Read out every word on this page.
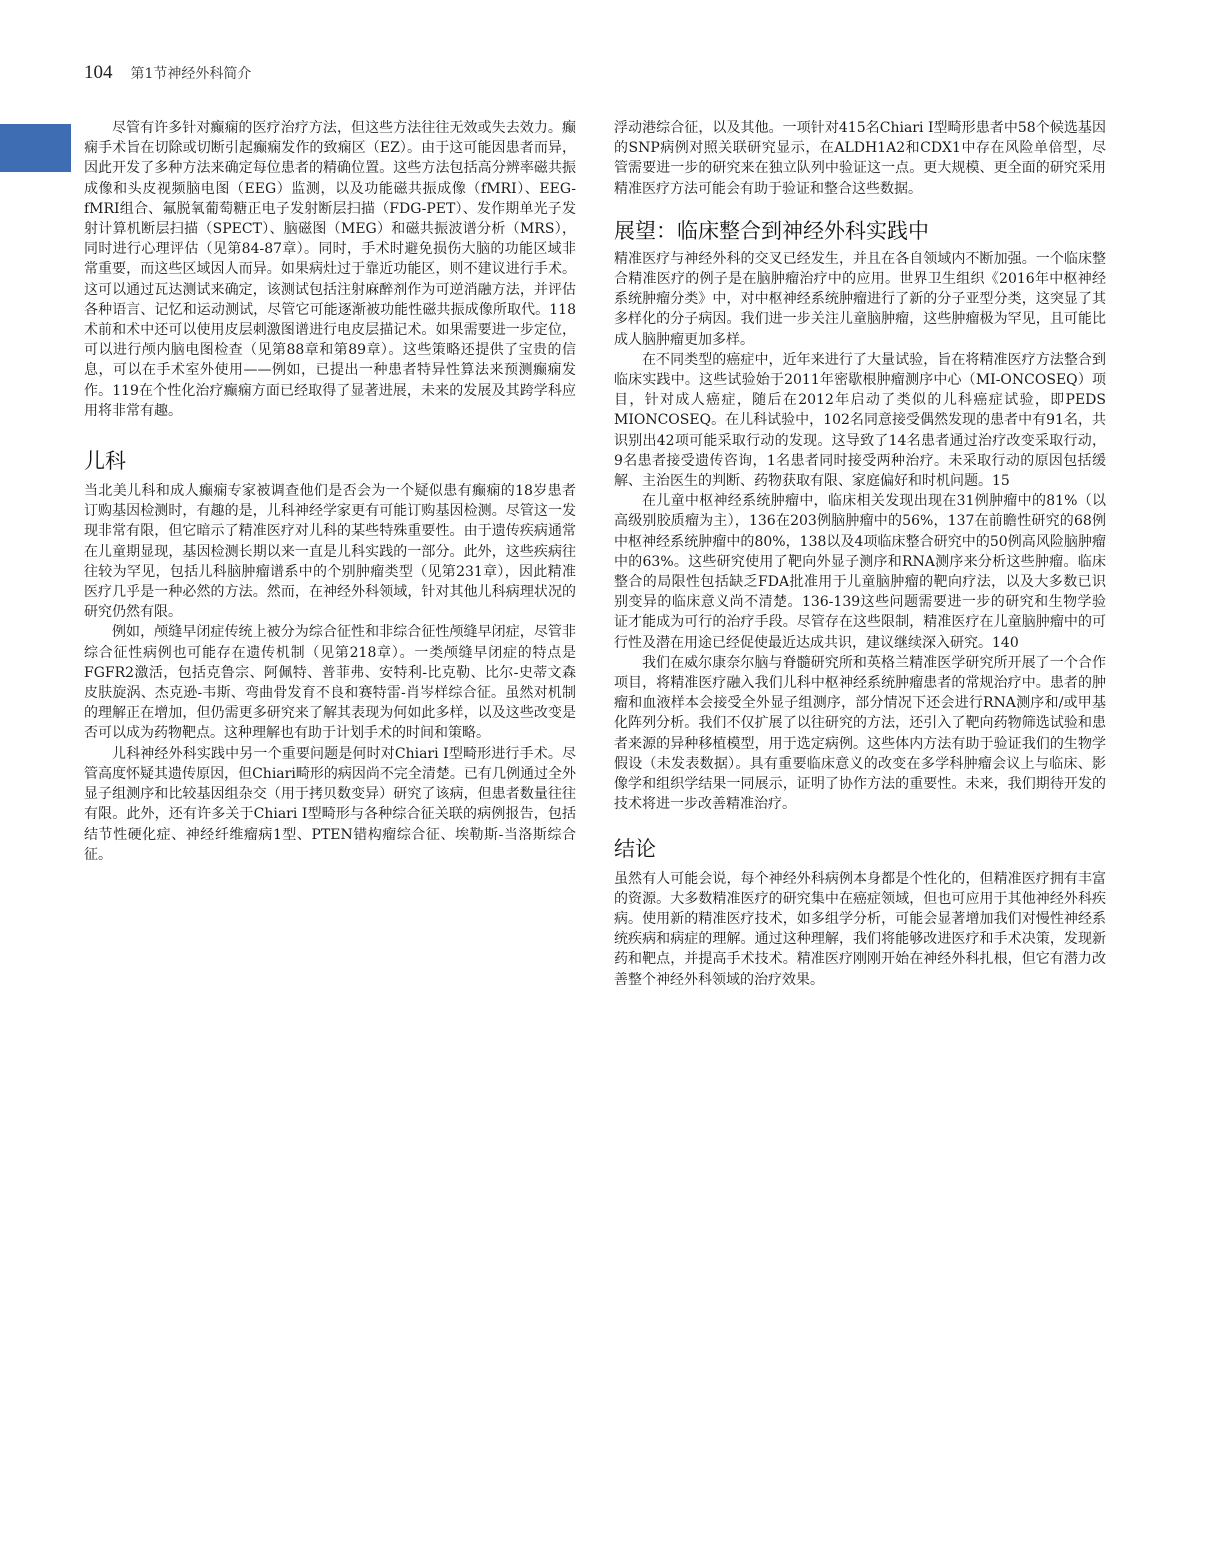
104 第1节神经外科简介

尽管有许多针对癫痫的医疗治疗方法，但这些方法往往无效或失去效力。癫痫手术旨在切除或切断引起癫痫发作的致痫区（EZ）。由于这可能因患者而异，因此开发了多种方法来确定每位患者的精确位置。这些方法包括高分辨率磁共振成像和头皮视频脑电图（EEG）监测，以及功能磁共振成像（fMRI）、EEG-fMRI组合、氟脱氧葡萄糖正电子发射断层扫描（FDG-PET）、发作期单光子发射计算机断层扫描（SPECT）、脑磁图（MEG）和磁共振波谱分析（MRS），同时进行心理评估（见第84-87章）。同时，手术时避免损伤大脑的功能区域非常重要，而这些区域因人而异。如果病灶过于靠近功能区，则不建议进行手术。这可以通过瓦达测试来确定，该测试包括注射麻醉剂作为可逆消融方法，并评估各种语言、记忆和运动测试，尽管它可能逐渐被功能性磁共振成像所取代。118术前和术中还可以使用皮层刺激图谱进行电皮层描记术。如果需要进一步定位，可以进行颅内脑电图检查（见第88章和第89章）。这些策略还提供了宝贵的信息，可以在手术室外使用——例如，已提出一种患者特异性算法来预测癫痫发作。119在个性化治疗癫痫方面已经取得了显著进展，未来的发展及其跨学科应用将非常有趣。

儿科

当北美儿科和成人癫痫专家被调查他们是否会为一个疑似患有癫痫的18岁患者订购基因检测时，有趣的是，儿科神经学家更有可能订购基因检测。尽管这一发现非常有限，但它暗示了精准医疗对儿科的某些特殊重要性。由于遗传疾病通常在儿童期显现，基因检测长期以来一直是儿科实践的一部分。此外，这些疾病往往较为罕见，包括儿科脑肿瘤谱系中的个别肿瘤类型（见第231章），因此精准医疗几乎是一种必然的方法。然而，在神经外科领域，针对其他儿科病理状况的研究仍然有限。

例如，颅缝早闭症传统上被分为综合征性和非综合征性颅缝早闭症，尽管非综合征性病例也可能存在遗传机制（见第218章）。一类颅缝早闭症的特点是FGFR2激活，包括克鲁宗、阿佩特、普菲弗、安特利-比克勒、比尔-史蒂文森皮肤旋涡、杰克逊-韦斯、弯曲骨发育不良和赛特雷-肖岑样综合征。虽然对机制的理解正在增加，但仍需更多研究来了解其表现为何如此多样，以及这些改变是否可以成为药物靶点。这种理解也有助于计划手术的时间和策略。

儿科神经外科实践中另一个重要问题是何时对Chiari I型畸形进行手术。尽管高度怀疑其遗传原因，但Chiari畸形的病因尚不完全清楚。已有几例通过全外显子组测序和比较基因组杂交（用于拷贝数变异）研究了该病，但患者数量往往有限。此外，还有许多关于Chiari I型畸形与各种综合征关联的病例报告，包括结节性硬化症、神经纤维瘤病1型、PTEN错构瘤综合征、埃勒斯-当洛斯综合征。

浮动港综合征，以及其他。一项针对415名Chiari I型畸形患者中58个候选基因的SNP病例对照关联研究显示，在ALDH1A2和CDX1中存在风险单倍型，尽管需要进一步的研究来在独立队列中验证这一点。更大规模、更全面的研究采用精准医疗方法可能会有助于验证和整合这些数据。

展望：临床整合到神经外科实践中

精准医疗与神经外科的交叉已经发生，并且在各自领域内不断加强。一个临床整合精准医疗的例子是在脑肿瘤治疗中的应用。世界卫生组织《2016年中枢神经系统肿瘤分类》中，对中枢神经系统肿瘤进行了新的分子亚型分类，这突显了其多样化的分子病因。我们进一步关注儿童脑肿瘤，这些肿瘤极为罕见，且可能比成人脑肿瘤更加多样。

在不同类型的癌症中，近年来进行了大量试验，旨在将精准医疗方法整合到临床实践中。这些试验始于2011年密歇根肿瘤测序中心（MI-ONCOSEQ）项目，针对成人癌症，随后在2012年启动了类似的儿科癌症试验，即PEDS MIONCOSEQ。在儿科试验中，102名同意接受偶然发现的患者中有91名，共识别出42项可能采取行动的发现。这导致了14名患者通过治疗改变采取行动，9名患者接受遗传咨询，1名患者同时接受两种治疗。未采取行动的原因包括缓解、主治医生的判断、药物获取有限、家庭偏好和时机问题。15

在儿童中枢神经系统肿瘤中，临床相关发现出现在31例肿瘤中的81%（以高级别胶质瘤为主），136在203例脑肿瘤中的56%，137在前瞻性研究的68例中枢神经系统肿瘤中的80%，138以及4项临床整合研究中的50例高风险脑肿瘤中的63%。这些研究使用了靶向外显子测序和RNA测序来分析这些肿瘤。临床整合的局限性包括缺乏FDA批准用于儿童脑肿瘤的靶向疗法，以及大多数已识别变异的临床意义尚不清楚。136-139这些问题需要进一步的研究和生物学验证才能成为可行的治疗手段。尽管存在这些限制，精准医疗在儿童脑肿瘤中的可行性及潜在用途已经促使最近达成共识，建议继续深入研究。140

我们在威尔康奈尔脑与脊髓研究所和英格兰精准医学研究所开展了一个合作项目，将精准医疗融入我们儿科中枢神经系统肿瘤患者的常规治疗中。患者的肿瘤和血液样本会接受全外显子组测序，部分情况下还会进行RNA测序和/或甲基化阵列分析。我们不仅扩展了以往研究的方法，还引入了靶向药物筛选试验和患者来源的异种移植模型，用于选定病例。这些体内方法有助于验证我们的生物学假设（未发表数据）。具有重要临床意义的改变在多学科肿瘤会议上与临床、影像学和组织学结果一同展示，证明了协作方法的重要性。未来，我们期待开发的技术将进一步改善精准治疗。

结论

虽然有人可能会说，每个神经外科病例本身都是个性化的，但精准医疗拥有丰富的资源。大多数精准医疗的研究集中在癌症领域，但也可应用于其他神经外科疾病。使用新的精准医疗技术，如多组学分析，可能会显著增加我们对慢性神经系统疾病和病症的理解。通过这种理解，我们将能够改进医疗和手术决策，发现新药和靶点，并提高手术技术。精准医疗刚刚开始在神经外科扎根，但它有潜力改善整个神经外科领域的治疗效果。
